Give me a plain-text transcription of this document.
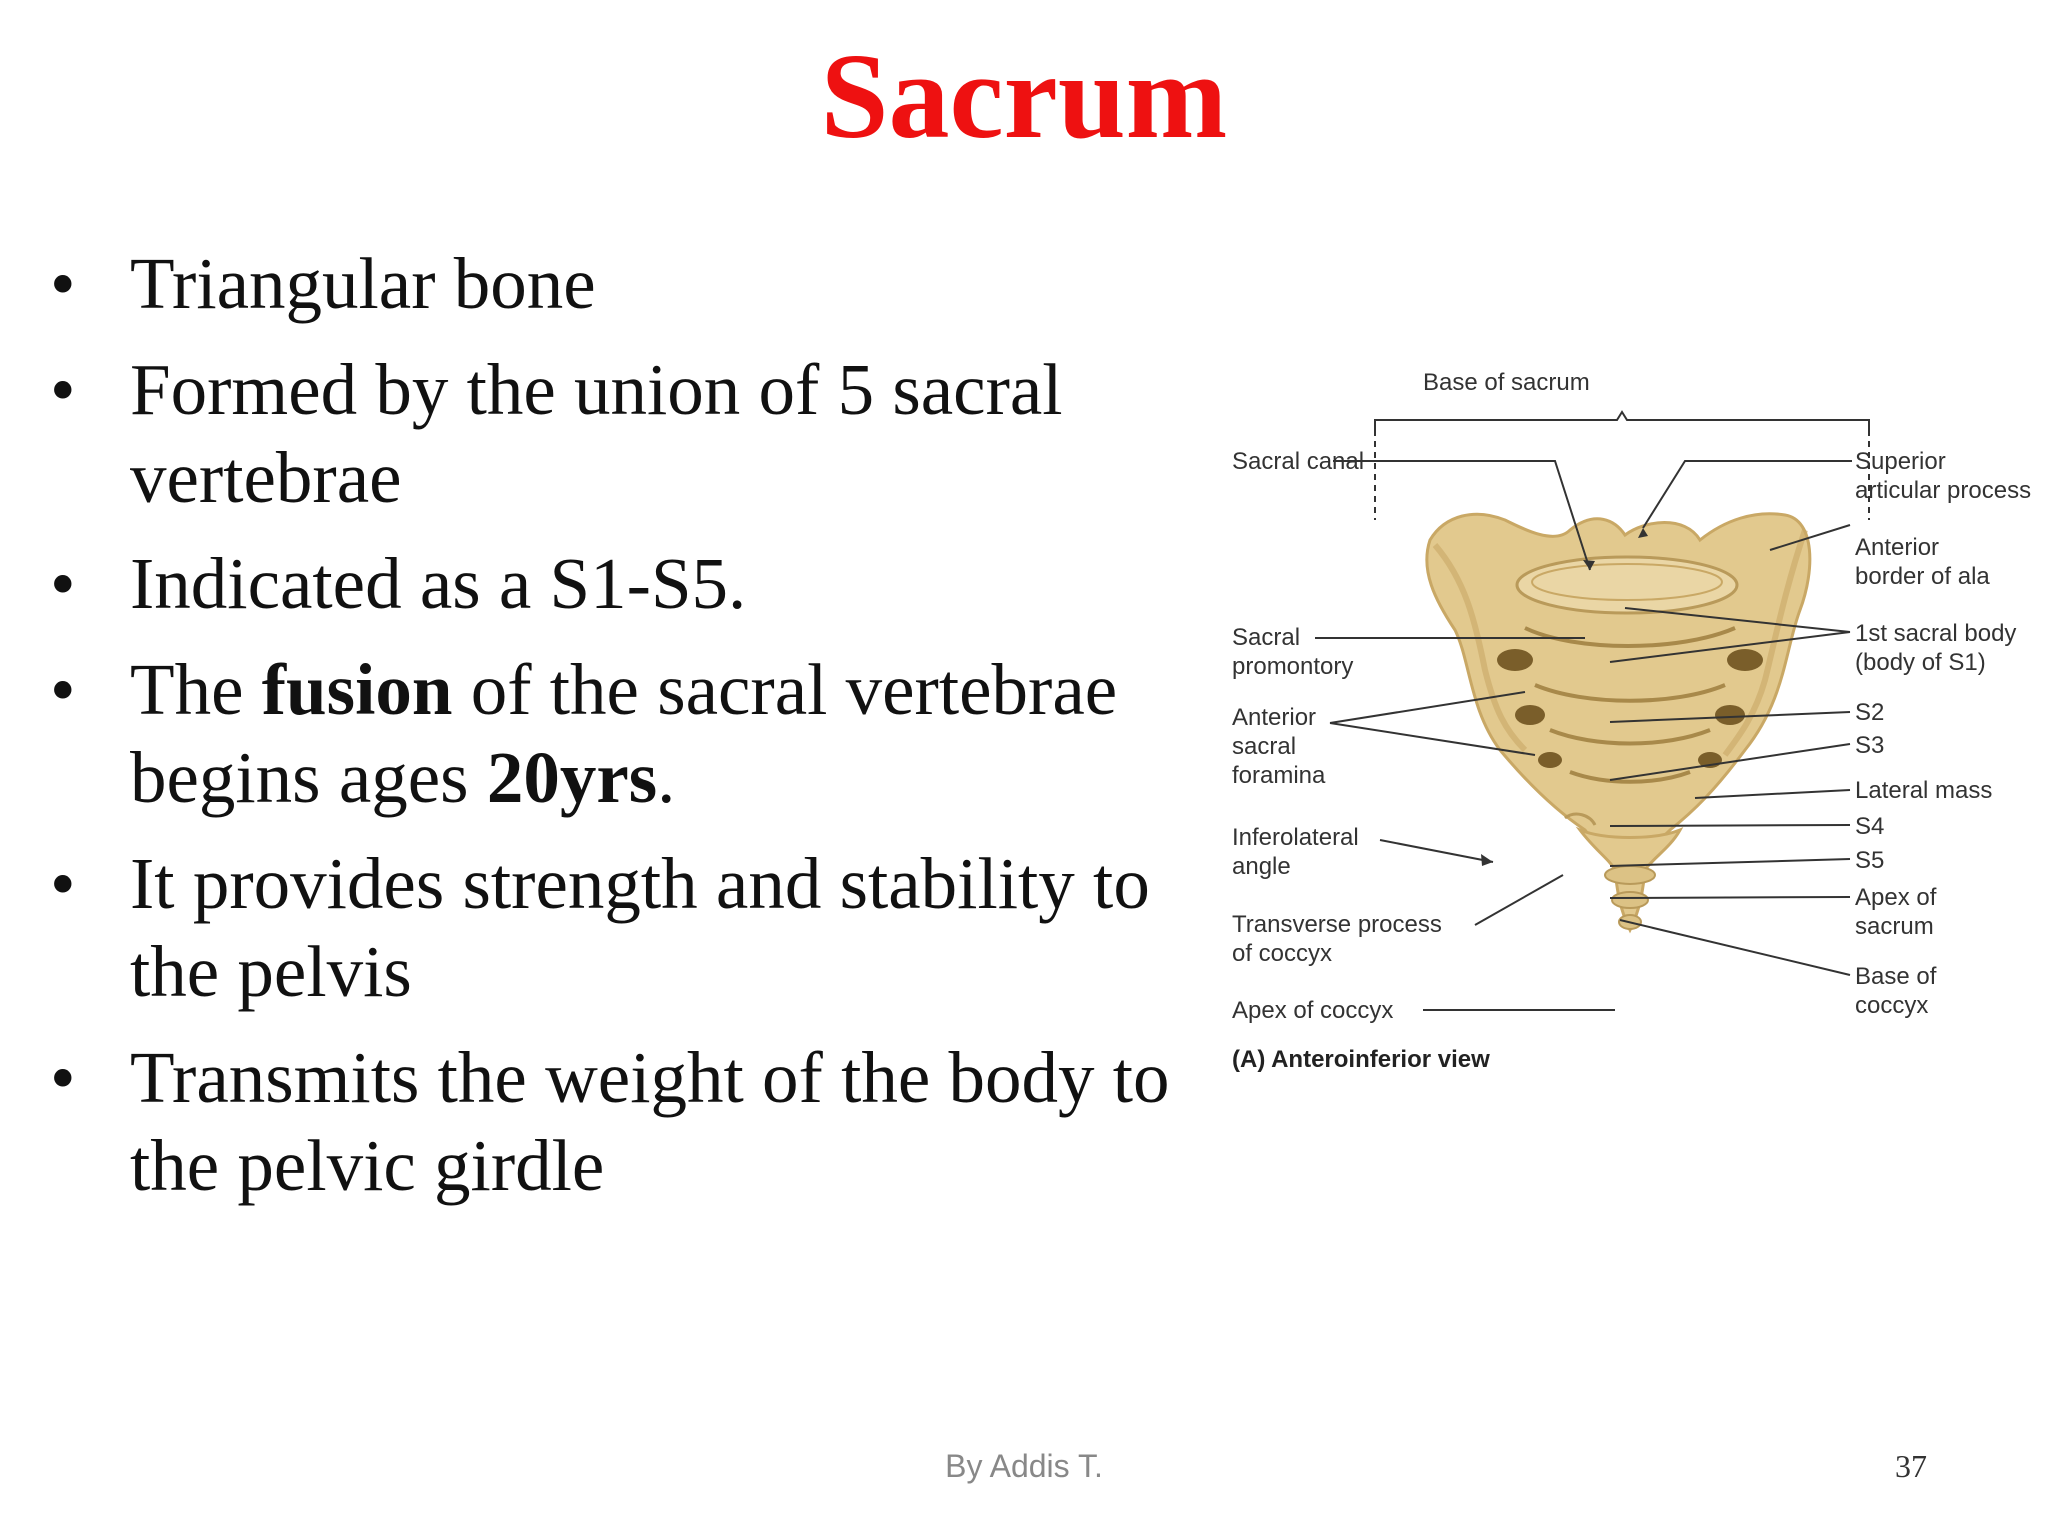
Sacrum
• Triangular bone
• Formed by the union of 5 sacral vertebrae
• Indicated as a S1-S5.
• The fusion of the sacral vertebrae begins ages 20yrs.
• It provides strength and stability to the pelvis
• Transmits the weight of the body to the pelvic girdle
Base of sacrum
Sacral canal	Superior
articular process
Anterior
border of ala
1st sacral body
(body of S1)
Sacral
promontory
Anterior
sacral
foramina
S2
S3
Lateral mass
S4
S5
Inferolateral
angle
Apex of
sacrum
Transverse process
of coccyx
Base of
coccyx
Apex of coccyx
(A) Anteroinferior view
By Addis T.	37
